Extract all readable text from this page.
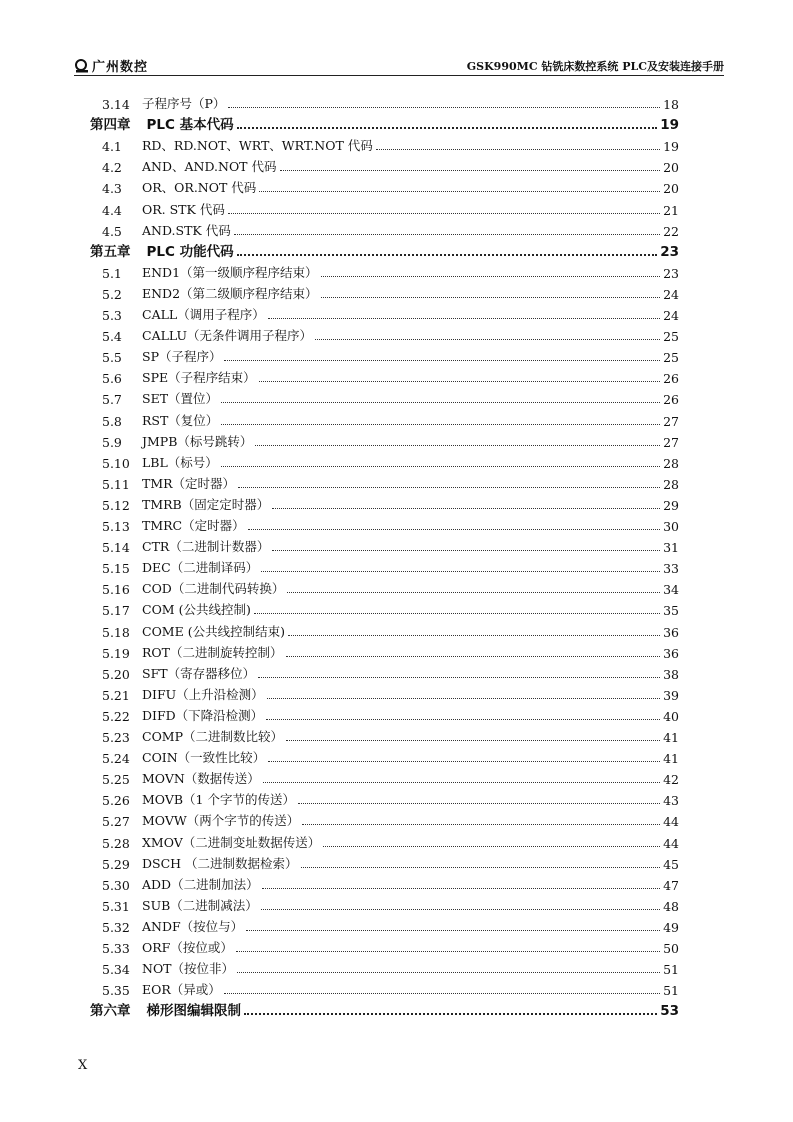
广州数控	GSK990MC 钻铣床数控系统 PLC及安装连接手册
3.14 子程序号（P）	18
第四章 PLC 基本代码	19
4.1	RD、RD.NOT、WRT、WRT.NOT 代码	19
4.2	AND、AND.NOT 代码	20
4.3	OR、OR.NOT 代码	20
4.4	OR. STK 代码	21
4.5	AND.STK 代码	22
第五章 PLC 功能代码	23
5.1	END1（第一级顺序程序结束）	23
5.2	END2（第二级顺序程序结束）	24
5.3	CALL（调用子程序）	24
5.4	CALLU（无条件调用子程序）	25
5.5	SP（子程序）	25
5.6	SPE（子程序结束）	26
5.7	SET（置位）	26
5.8	RST（复位）	27
5.9	JMPB（标号跳转）	27
5.10 LBL（标号）	28
5.11 TMR（定时器）	28
5.12 TMRB（固定定时器）	29
5.13 TMRC（定时器）	30
5.14 CTR（二进制计数器）	31
5.15 DEC（二进制译码）	33
5.16 COD（二进制代码转换）	34
5.17 COM (公共线控制)	35
5.18 COME (公共线控制结束)	36
5.19 ROT（二进制旋转控制）	36
5.20 SFT（寄存器移位）	38
5.21 DIFU（上升沿检测）	39
5.22 DIFD（下降沿检测）	40
5.23 COMP（二进制数比较）	41
5.24 COIN（一致性比较）	41
5.25 MOVN（数据传送）	42
5.26 MOVB（1 个字节的传送）	43
5.27 MOVW（两个字节的传送）	44
5.28 XMOV（二进制变址数据传送）	44
5.29 DSCH （二进制数据检索）	45
5.30 ADD（二进制加法）	47
5.31 SUB（二进制减法）	48
5.32 ANDF（按位与）	49
5.33 ORF（按位或）	50
5.34 NOT（按位非）	51
5.35 EOR（异或）	51
第六章 梯形图编辑限制	53
X
